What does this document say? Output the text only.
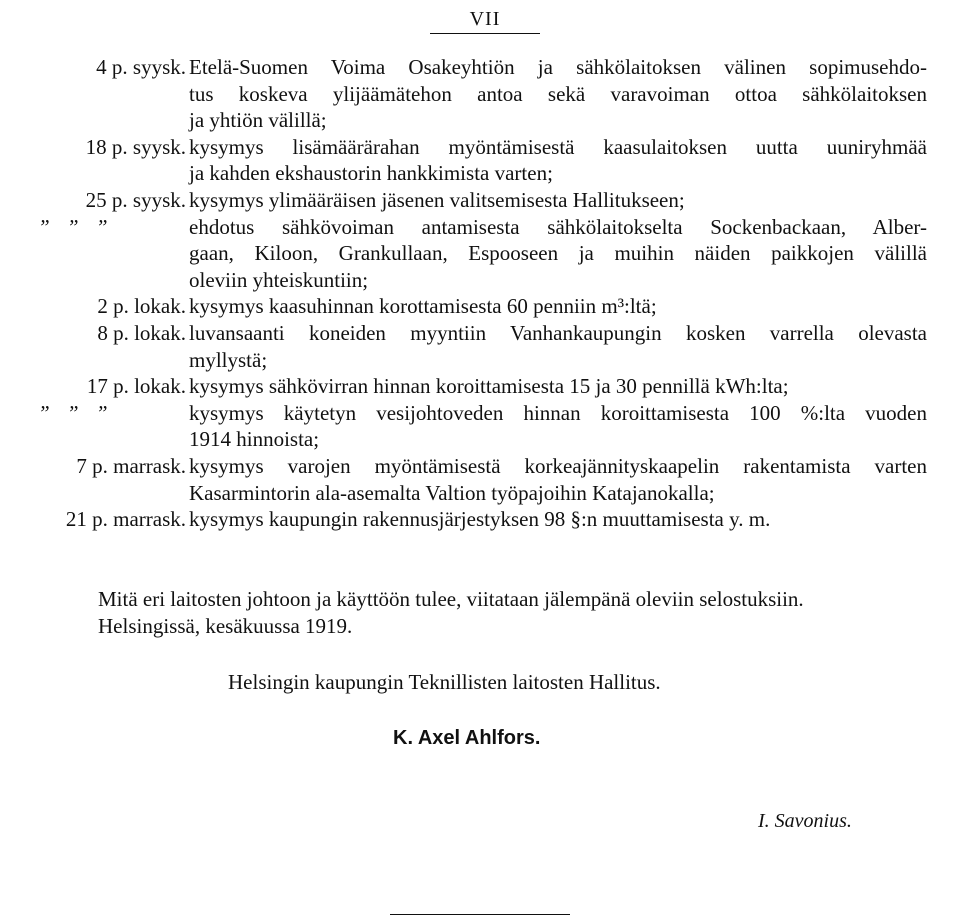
VII
4 p. syysk. Etelä-Suomen Voima Osakeyhtiön ja sähkölaitoksen välinen sopimusehdo-
tus koskeva ylijäämätehon antoa sekä varavoiman ottoa sähkölaitoksen
ja yhtiön välillä;
18 p. syysk. kysymys lisämäärärahan myöntämisestä kaasulaitoksen uutta uuniryhmää
ja kahden ekshaustorin hankkimista varten;
25 p. syysk. kysymys ylimääräisen jäsenen valitsemisesta Hallitukseen;
” ” ”	ehdotus sähkövoiman antamisesta sähkölaitokselta Sockenbackaan, Alber-
gaan, Kiloon, Grankullaan, Espooseen ja muihin näiden paikkojen välillä
oleviin yhteiskuntiin;
2 p. lokak. kysymys kaasuhinnan korottamisesta 60 penniin m³:ltä;
8 p. lokak. luvansaanti koneiden myyntiin Vanhankaupungin kosken varrella olevasta
myllystä;
17 p. lokak. kysymys sähkövirran hinnan koroittamisesta 15 ja 30 pennillä kWh:lta;
” ” ”	kysymys käytetyn vesijohtoveden hinnan koroittamisesta 100 %:lta vuoden
1914 hinnoista;
7 p. marrask. kysymys varojen myöntämisestä korkeajännityskaapelin rakentamista varten
Kasarmintorin ala-asemalta Valtion työpajoihin Katajanokalla;
21 p. marrask. kysymys kaupungin rakennusjärjestyksen 98 §:n muuttamisesta y. m.
Mitä eri laitosten johtoon ja käyttöön tulee, viitataan jälempänä oleviin selostuksiin.
Helsingissä, kesäkuussa 1919.
Helsingin kaupungin Teknillisten laitosten Hallitus.
K. Axel Ahlfors.
I. Savonius.
